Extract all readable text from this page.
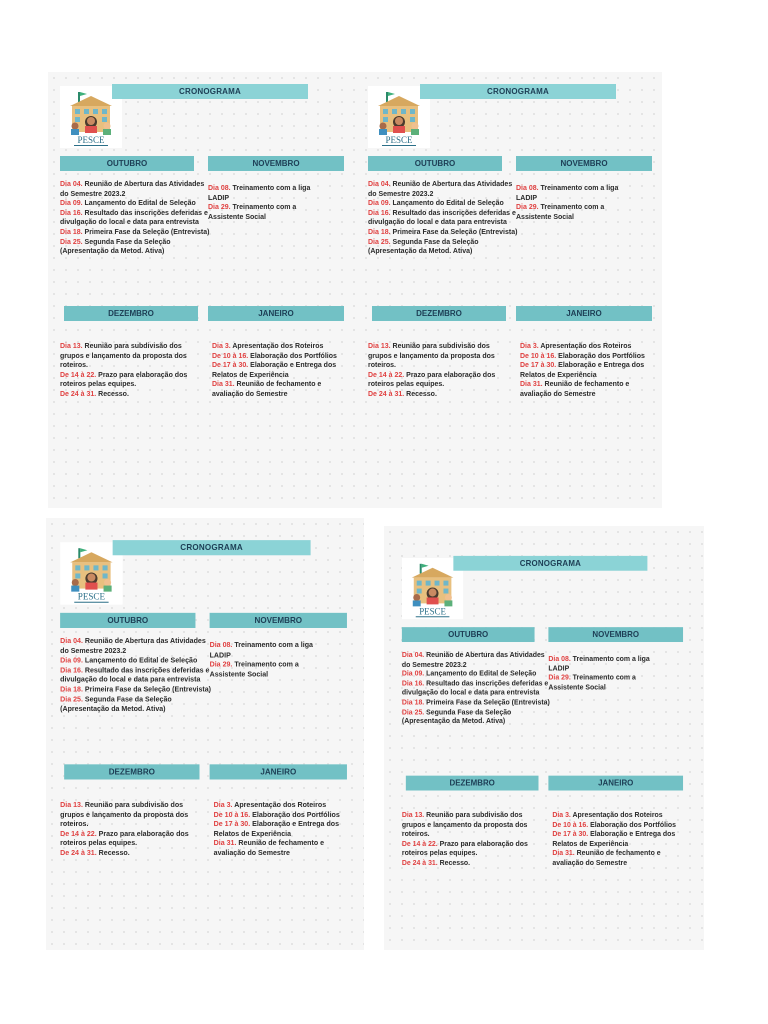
PESCE
CRONOGRAMA
OUTUBRO
Dia 04. Reunião de Abertura das Atividades do Semestre 2023.2
Dia 09. Lançamento do Edital de Seleção
Dia 16. Resultado das inscrições deferidas e divulgação do local e data para entrevista
Dia 18. Primeira Fase da Seleção (Entrevista)
Dia 25. Segunda Fase da Seleção (Apresentação da Metod. Ativa)
NOVEMBRO
Dia 08. Treinamento com a liga LADIP
Dia 29. Treinamento com a Assistente Social
DEZEMBRO
Dia 13. Reunião para subdivisão dos grupos e lançamento da proposta dos roteiros.
De 14 à 22. Prazo para elaboração dos roteiros pelas equipes.
De 24 à 31. Recesso.
JANEIRO
Dia 3. Apresentação dos Roteiros
De 10 à 16. Elaboração dos Portfólios
De 17 à 30. Elaboração e Entrega dos Relatos de Experiência
Dia 31. Reunião de fechamento e avaliação do Semestre
PESCE
CRONOGRAMA
OUTUBRO
Dia 04. Reunião de Abertura das Atividades do Semestre 2023.2
Dia 09. Lançamento do Edital de Seleção
Dia 16. Resultado das inscrições deferidas e divulgação do local e data para entrevista
Dia 18. Primeira Fase da Seleção (Entrevista)
Dia 25. Segunda Fase da Seleção (Apresentação da Metod. Ativa)
NOVEMBRO
Dia 08. Treinamento com a liga LADIP
Dia 29. Treinamento com a Assistente Social
DEZEMBRO
Dia 13. Reunião para subdivisão dos grupos e lançamento da proposta dos roteiros.
De 14 à 22. Prazo para elaboração dos roteiros pelas equipes.
De 24 à 31. Recesso.
JANEIRO
Dia 3. Apresentação dos Roteiros
De 10 à 16. Elaboração dos Portfólios
De 17 à 30. Elaboração e Entrega dos Relatos de Experiência
Dia 31. Reunião de fechamento e avaliação do Semestre
PESCE
CRONOGRAMA
OUTUBRO
Dia 04. Reunião de Abertura das Atividades do Semestre 2023.2
Dia 09. Lançamento do Edital de Seleção
Dia 16. Resultado das inscrições deferidas e divulgação do local e data para entrevista
Dia 18. Primeira Fase da Seleção (Entrevista)
Dia 25. Segunda Fase da Seleção (Apresentação da Metod. Ativa)
NOVEMBRO
Dia 08. Treinamento com a liga LADIP
Dia 29. Treinamento com a Assistente Social
DEZEMBRO
Dia 13. Reunião para subdivisão dos grupos e lançamento da proposta dos roteiros.
De 14 à 22. Prazo para elaboração dos roteiros pelas equipes.
De 24 à 31. Recesso.
JANEIRO
Dia 3. Apresentação dos Roteiros
De 10 à 16. Elaboração dos Portfólios
De 17 à 30. Elaboração e Entrega dos Relatos de Experiência
Dia 31. Reunião de fechamento e avaliação do Semestre
PESCE
CRONOGRAMA
OUTUBRO
Dia 04. Reunião de Abertura das Atividades do Semestre 2023.2
Dia 09. Lançamento do Edital de Seleção
Dia 16. Resultado das inscrições deferidas e divulgação do local e data para entrevista
Dia 18. Primeira Fase da Seleção (Entrevista)
Dia 25. Segunda Fase da Seleção (Apresentação da Metod. Ativa)
NOVEMBRO
Dia 08. Treinamento com a liga LADIP
Dia 29. Treinamento com a Assistente Social
DEZEMBRO
Dia 13. Reunião para subdivisão dos grupos e lançamento da proposta dos roteiros.
De 14 à 22. Prazo para elaboração dos roteiros pelas equipes.
De 24 à 31. Recesso.
JANEIRO
Dia 3. Apresentação dos Roteiros
De 10 à 16. Elaboração dos Portfólios
De 17 à 30. Elaboração e Entrega dos Relatos de Experiência
Dia 31. Reunião de fechamento e avaliação do Semestre
